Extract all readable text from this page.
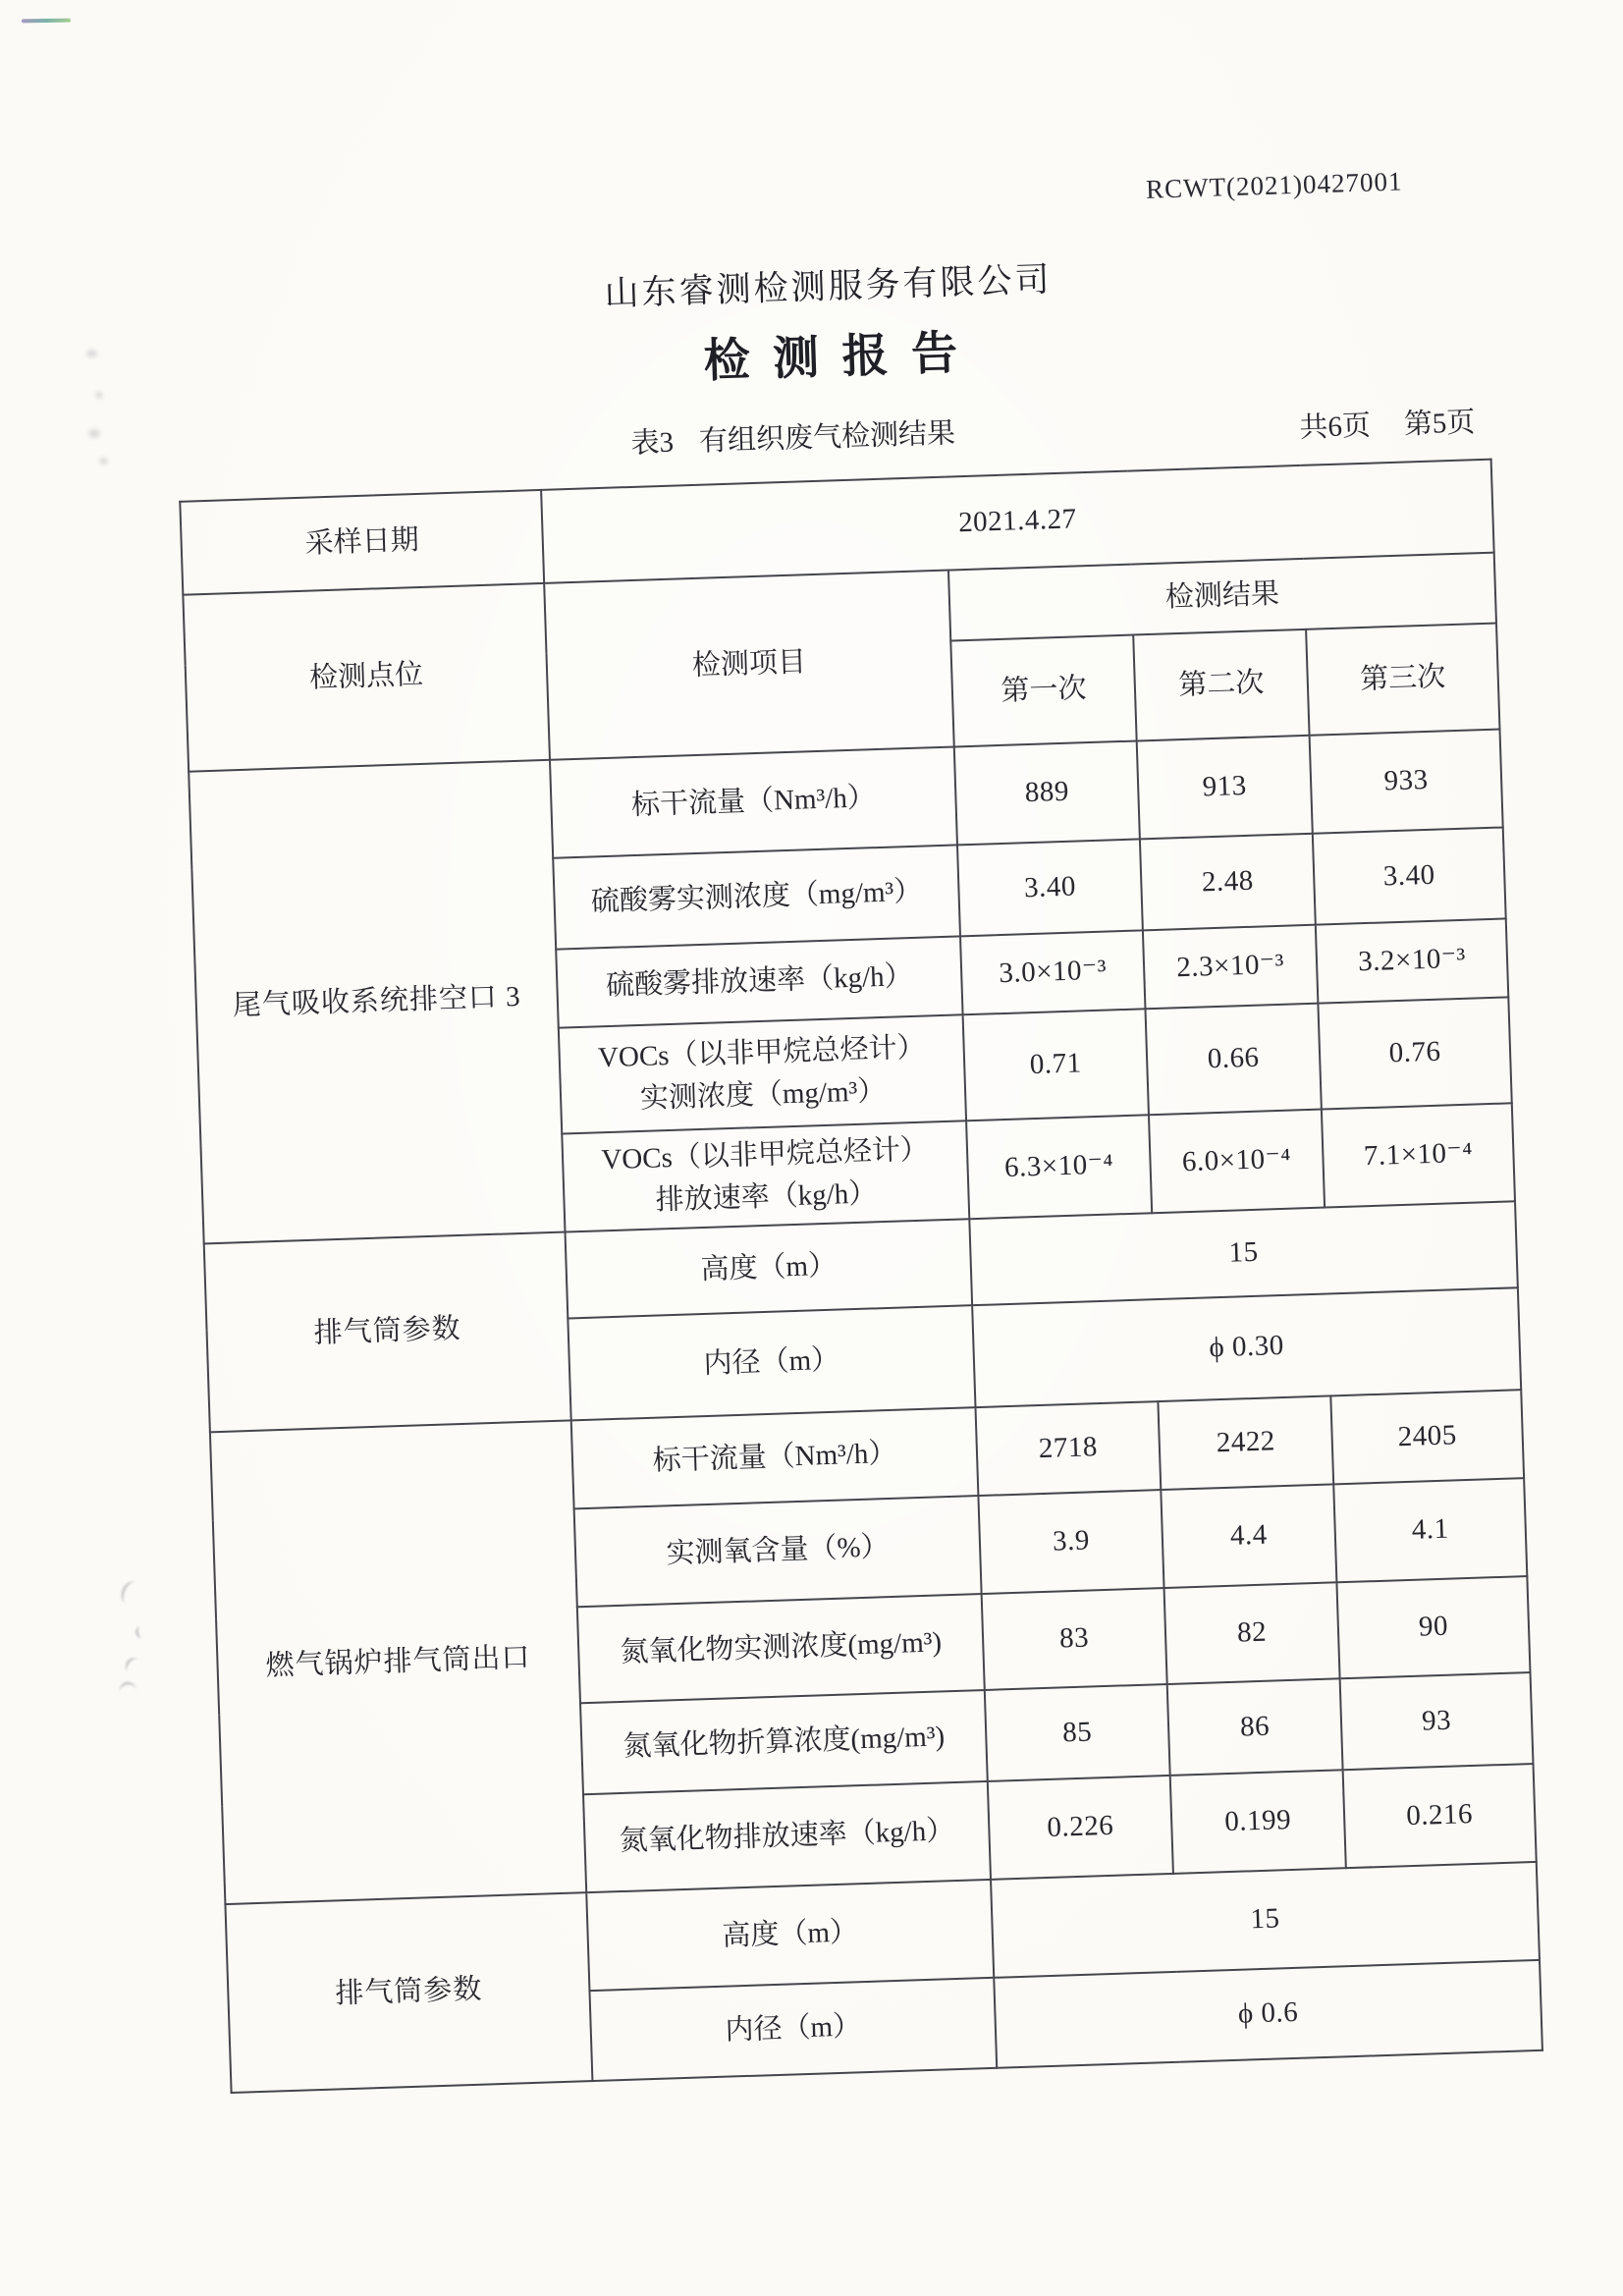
RCWT(2021)0427001
山东睿测检测服务有限公司
检测报告
表3 有组织废气检测结果	共6页 第5页
采样日期	2021.4.27			
检测点位	检测项目	检测结果		
		第一次	第二次	第三次
尾气吸收系统排空口 3	标干流量（Nm³/h）	889	913	933
	硫酸雾实测浓度（mg/m³）	3.40	2.48	3.40
	硫酸雾排放速率（kg/h）	3.0×10⁻³	2.3×10⁻³	3.2×10⁻³
	VOCs（以非甲烷总烃计）
实测浓度（mg/m³）	0.71	0.66	0.76
	VOCs（以非甲烷总烃计）
排放速率（kg/h）	6.3×10⁻⁴	6.0×10⁻⁴	7.1×10⁻⁴
排气筒参数	高度（m）	15		
	内径（m）	ϕ 0.30		
燃气锅炉排气筒出口	标干流量（Nm³/h）	2718	2422	2405
	实测氧含量（%）	3.9	4.4	4.1
	氮氧化物实测浓度(mg/m³)	83	82	90
	氮氧化物折算浓度(mg/m³)	85	86	93
	氮氧化物排放速率（kg/h）	0.226	0.199	0.216
排气筒参数	高度（m）	15		
	内径（m）	ϕ 0.6		
